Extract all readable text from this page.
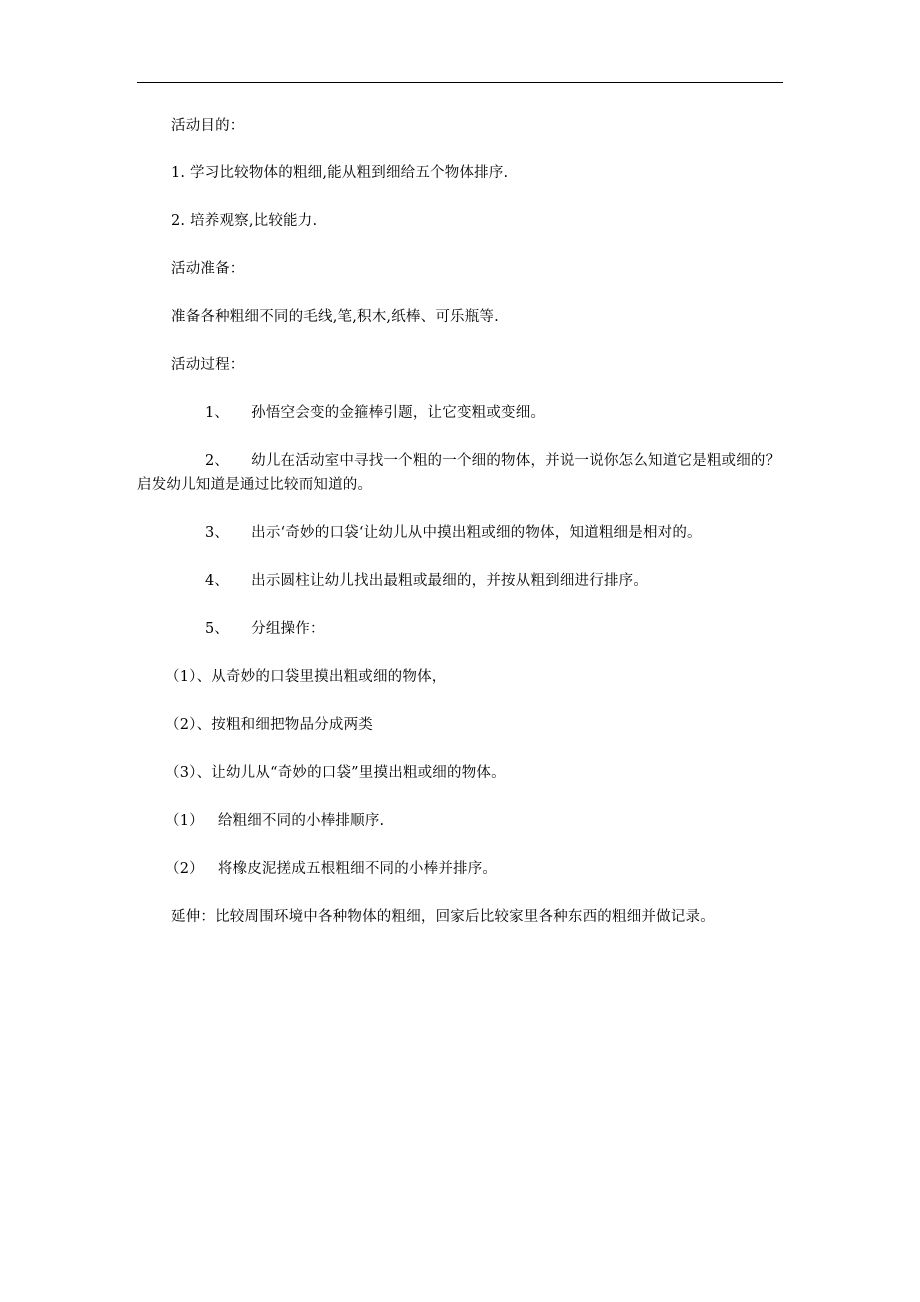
活动目的：
1. 学习比较物体的粗细,能从粗到细给五个物体排序.
2. 培养观察,比较能力.
活动准备：
准备各种粗细不同的毛线,笔,积木,纸棒、可乐瓶等.
活动过程：
1、 孙悟空会变的金箍棒引题，让它变粗或变细。
2、 幼儿在活动室中寻找一个粗的一个细的物体，并说一说你怎么知道它是粗或细的？启发幼儿知道是通过比较而知道的。
3、 出示‘奇妙的口袋‘让幼儿从中摸出粗或细的物体，知道粗细是相对的。
4、 出示圆柱让幼儿找出最粗或最细的，并按从粗到细进行排序。
5、 分组操作：
（1）、从奇妙的口袋里摸出粗或细的物体，
（2）、按粗和细把物品分成两类
（3）、让幼儿从“奇妙的口袋”里摸出粗或细的物体。
（1） 给粗细不同的小棒排顺序.
（2） 将橡皮泥搓成五根粗细不同的小棒并排序。
延伸：比较周围环境中各种物体的粗细，回家后比较家里各种东西的粗细并做记录。
